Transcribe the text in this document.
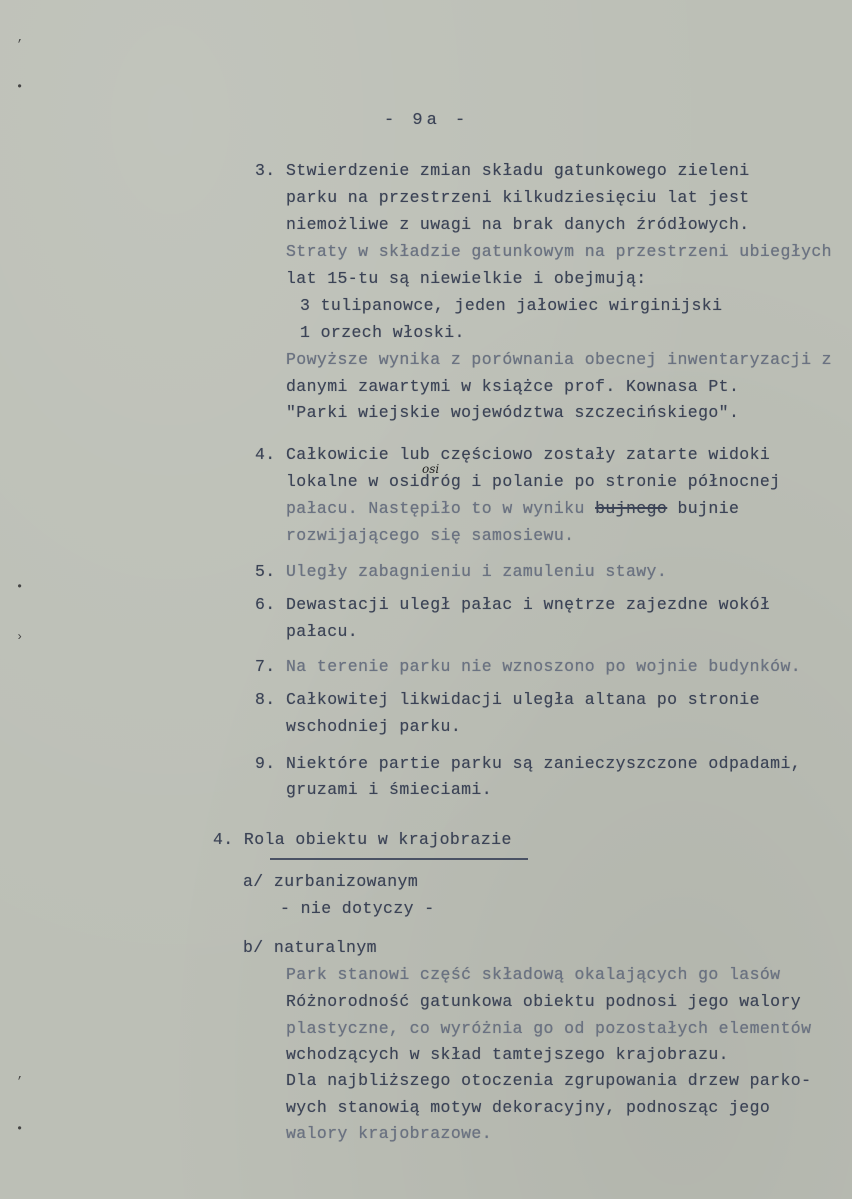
’
•
•
›
’
•
- 9a -
3. Stwierdzenie zmian składu gatunkowego zieleni
parku na przestrzeni kilkudziesięciu lat jest
niemożliwe z uwagi na brak danych źródłowych.
Straty w składzie gatunkowym na przestrzeni ubiegłych
lat 15-tu są niewielkie i obejmują:
3 tulipanowce, jeden jałowiec wirginijski
1 orzech włoski.
Powyższe wynika z porównania obecnej inwentaryzacji z
danymi zawartymi w książce prof. Kownasa Pt.
"Parki wiejskie województwa szczecińskiego".
4. Całkowicie lub częściowo zostały zatarte widoki
lokalne w osidróg i polanie po stronie północnej
osi
pałacu. Następiło to w wyniku bujnego bujnie
rozwijającego się samosiewu.
5. Uległy zabagnieniu i zamuleniu stawy.
6. Dewastacji uległ pałac i wnętrze zajezdne wokół
pałacu.
7. Na terenie parku nie wznoszono po wojnie budynków.
8. Całkowitej likwidacji uległa altana po stronie
wschodniej parku.
9. Niektóre partie parku są zanieczyszczone odpadami,
gruzami i śmieciami.
4. Rola obiektu w krajobrazie
a/ zurbanizowanym
- nie dotyczy -
b/ naturalnym
Park stanowi część składową okalających go lasów
Różnorodność gatunkowa obiektu podnosi jego walory
plastyczne, co wyróżnia go od pozostałych elementów
wchodzących w skład tamtejszego krajobrazu.
Dla najbliższego otoczenia zgrupowania drzew parko-
wych stanowią motyw dekoracyjny, podnosząc jego
walory krajobrazowe.
